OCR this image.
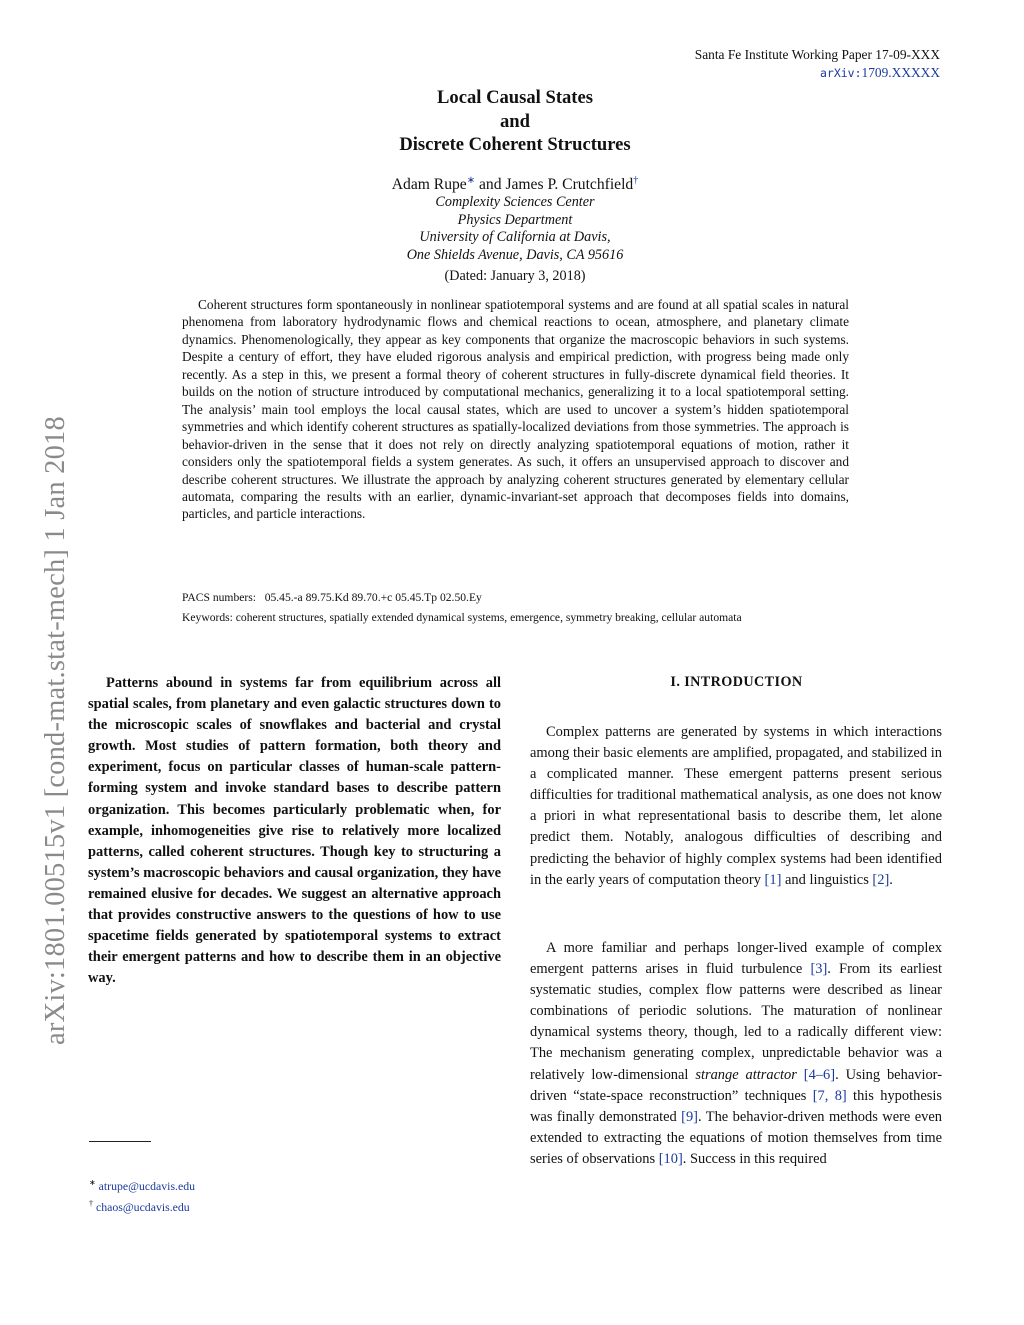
arXiv:1801.00515v1 [cond-mat.stat-mech] 1 Jan 2018
Santa Fe Institute Working Paper 17-09-XXX
arXiv:1709.XXXXX
Local Causal States
and
Discrete Coherent Structures
Adam Rupe∗ and James P. Crutchfield†
Complexity Sciences Center
Physics Department
University of California at Davis,
One Shields Avenue, Davis, CA 95616
(Dated: January 3, 2018)
Coherent structures form spontaneously in nonlinear spatiotemporal systems and are found at all spatial scales in natural phenomena from laboratory hydrodynamic flows and chemical reactions to ocean, atmosphere, and planetary climate dynamics. Phenomenologically, they appear as key components that organize the macroscopic behaviors in such systems. Despite a century of effort, they have eluded rigorous analysis and empirical prediction, with progress being made only recently. As a step in this, we present a formal theory of coherent structures in fully-discrete dynamical field theories. It builds on the notion of structure introduced by computational mechanics, generalizing it to a local spatiotemporal setting. The analysis’ main tool employs the local causal states, which are used to uncover a system’s hidden spatiotemporal symmetries and which identify coherent structures as spatially-localized deviations from those symmetries. The approach is behavior-driven in the sense that it does not rely on directly analyzing spatiotemporal equations of motion, rather it considers only the spatiotemporal fields a system generates. As such, it offers an unsupervised approach to discover and describe coherent structures. We illustrate the approach by analyzing coherent structures generated by elementary cellular automata, comparing the results with an earlier, dynamic-invariant-set approach that decomposes fields into domains, particles, and particle interactions.
PACS numbers: 05.45.-a 89.75.Kd 89.70.+c 05.45.Tp 02.50.Ey
Keywords: coherent structures, spatially extended dynamical systems, emergence, symmetry breaking, cellular automata
Patterns abound in systems far from equilibrium across all spatial scales, from planetary and even galactic structures down to the microscopic scales of snowflakes and bacterial and crystal growth. Most studies of pattern formation, both theory and experiment, focus on particular classes of human-scale pattern-forming system and invoke standard bases to describe pattern organization. This becomes particularly problematic when, for example, inhomogeneities give rise to relatively more localized patterns, called coherent structures. Though key to structuring a system’s macroscopic behaviors and causal organization, they have remained elusive for decades. We suggest an alternative approach that provides constructive answers to the questions of how to use spacetime fields generated by spatiotemporal systems to extract their emergent patterns and how to describe them in an objective way.
∗ atrupe@ucdavis.edu
† chaos@ucdavis.edu
I. INTRODUCTION
Complex patterns are generated by systems in which interactions among their basic elements are amplified, propagated, and stabilized in a complicated manner. These emergent patterns present serious difficulties for traditional mathematical analysis, as one does not know a priori in what representational basis to describe them, let alone predict them. Notably, analogous difficulties of describing and predicting the behavior of highly complex systems had been identified in the early years of computation theory [1] and linguistics [2].
A more familiar and perhaps longer-lived example of complex emergent patterns arises in fluid turbulence [3]. From its earliest systematic studies, complex flow patterns were described as linear combinations of periodic solutions. The maturation of nonlinear dynamical systems theory, though, led to a radically different view: The mechanism generating complex, unpredictable behavior was a relatively low-dimensional strange attractor [4–6]. Using behavior-driven “state-space reconstruction” techniques [7, 8] this hypothesis was finally demonstrated [9]. The behavior-driven methods were even extended to extracting the equations of motion themselves from time series of observations [10]. Success in this required
